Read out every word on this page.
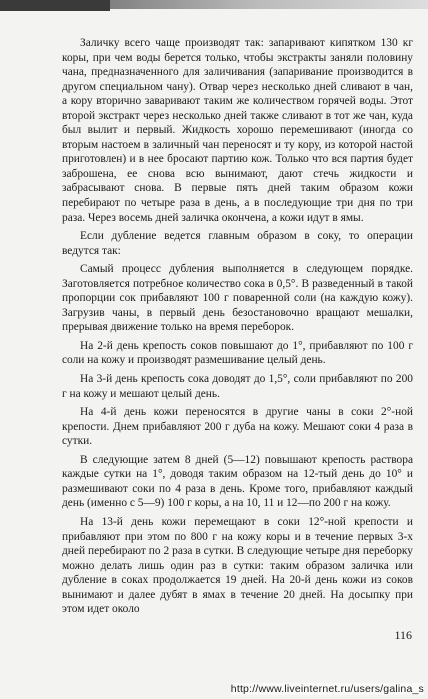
Заличку всего чаще производят так: запаривают кипятком 130 кг коры, при чем воды берется только, чтобы экстракты заняли половину чана, предназначенного для заличивания (запаривание производится в другом специальном чану). Отвар через несколько дней сливают в чан, а кору вторично заваривают таким же количеством горячей воды. Этот второй экстракт через несколько дней также сливают в тот же чан, куда был вылит и первый. Жидкость хорошо перемешивают (иногда со вторым настоем в заличный чан переносят и ту кору, из которой настой приготовлен) и в нее бросают партию кож. Только что вся партия будет заброшена, ее снова всю вынимают, дают стечь жидкости и забрасывают снова. В первые пять дней таким образом кожи перебирают по четыре раза в день, а в последующие три дня по три раза. Через восемь дней заличка окончена, а кожи идут в ямы.

Если дубление ведется главным образом в соку, то операции ведутся так:

Самый процесс дубления выполняется в следующем порядке. Заготовляется потребное количество сока в 0,5°. В разведенный в такой пропорции сок прибавляют 100 г поваренной соли (на каждую кожу). Загрузив чаны, в первый день безостановочно вращают мешалки, прерывая движение только на время переборок.

На 2-й день крепость соков повышают до 1°, прибавляют по 100 г соли на кожу и производят размешивание целый день.

На 3-й день крепость сока доводят до 1,5°, соли прибавляют по 200 г на кожу и мешают целый день.

На 4-й день кожи переносятся в другие чаны в соки 2°-ной крепости. Днем прибавляют 200 г дуба на кожу. Мешают соки 4 раза в сутки.

В следующие затем 8 дней (5—12) повышают крепость раствора каждые сутки на 1°, доводя таким образом на 12-тый день до 10° и размешивают соки по 4 раза в день. Кроме того, прибавляют каждый день (именно с 5—9) 100 г коры, а на 10, 11 и 12—по 200 г на кожу.

На 13-й день кожи перемещают в соки 12°-ной крепости и прибавляют при этом по 800 г на кожу коры и в течение первых 3-х дней перебирают по 2 раза в сутки. В следующие четыре дня переборку можно делать лишь один раз в сутки: таким образом заличка или дубление в соках продолжается 19 дней. На 20-й день кожи из соков вынимают и далее дубят в ямах в течение 20 дней. На досыпку при этом идет около

116
http://www.liveinternet.ru/users/galina_s
